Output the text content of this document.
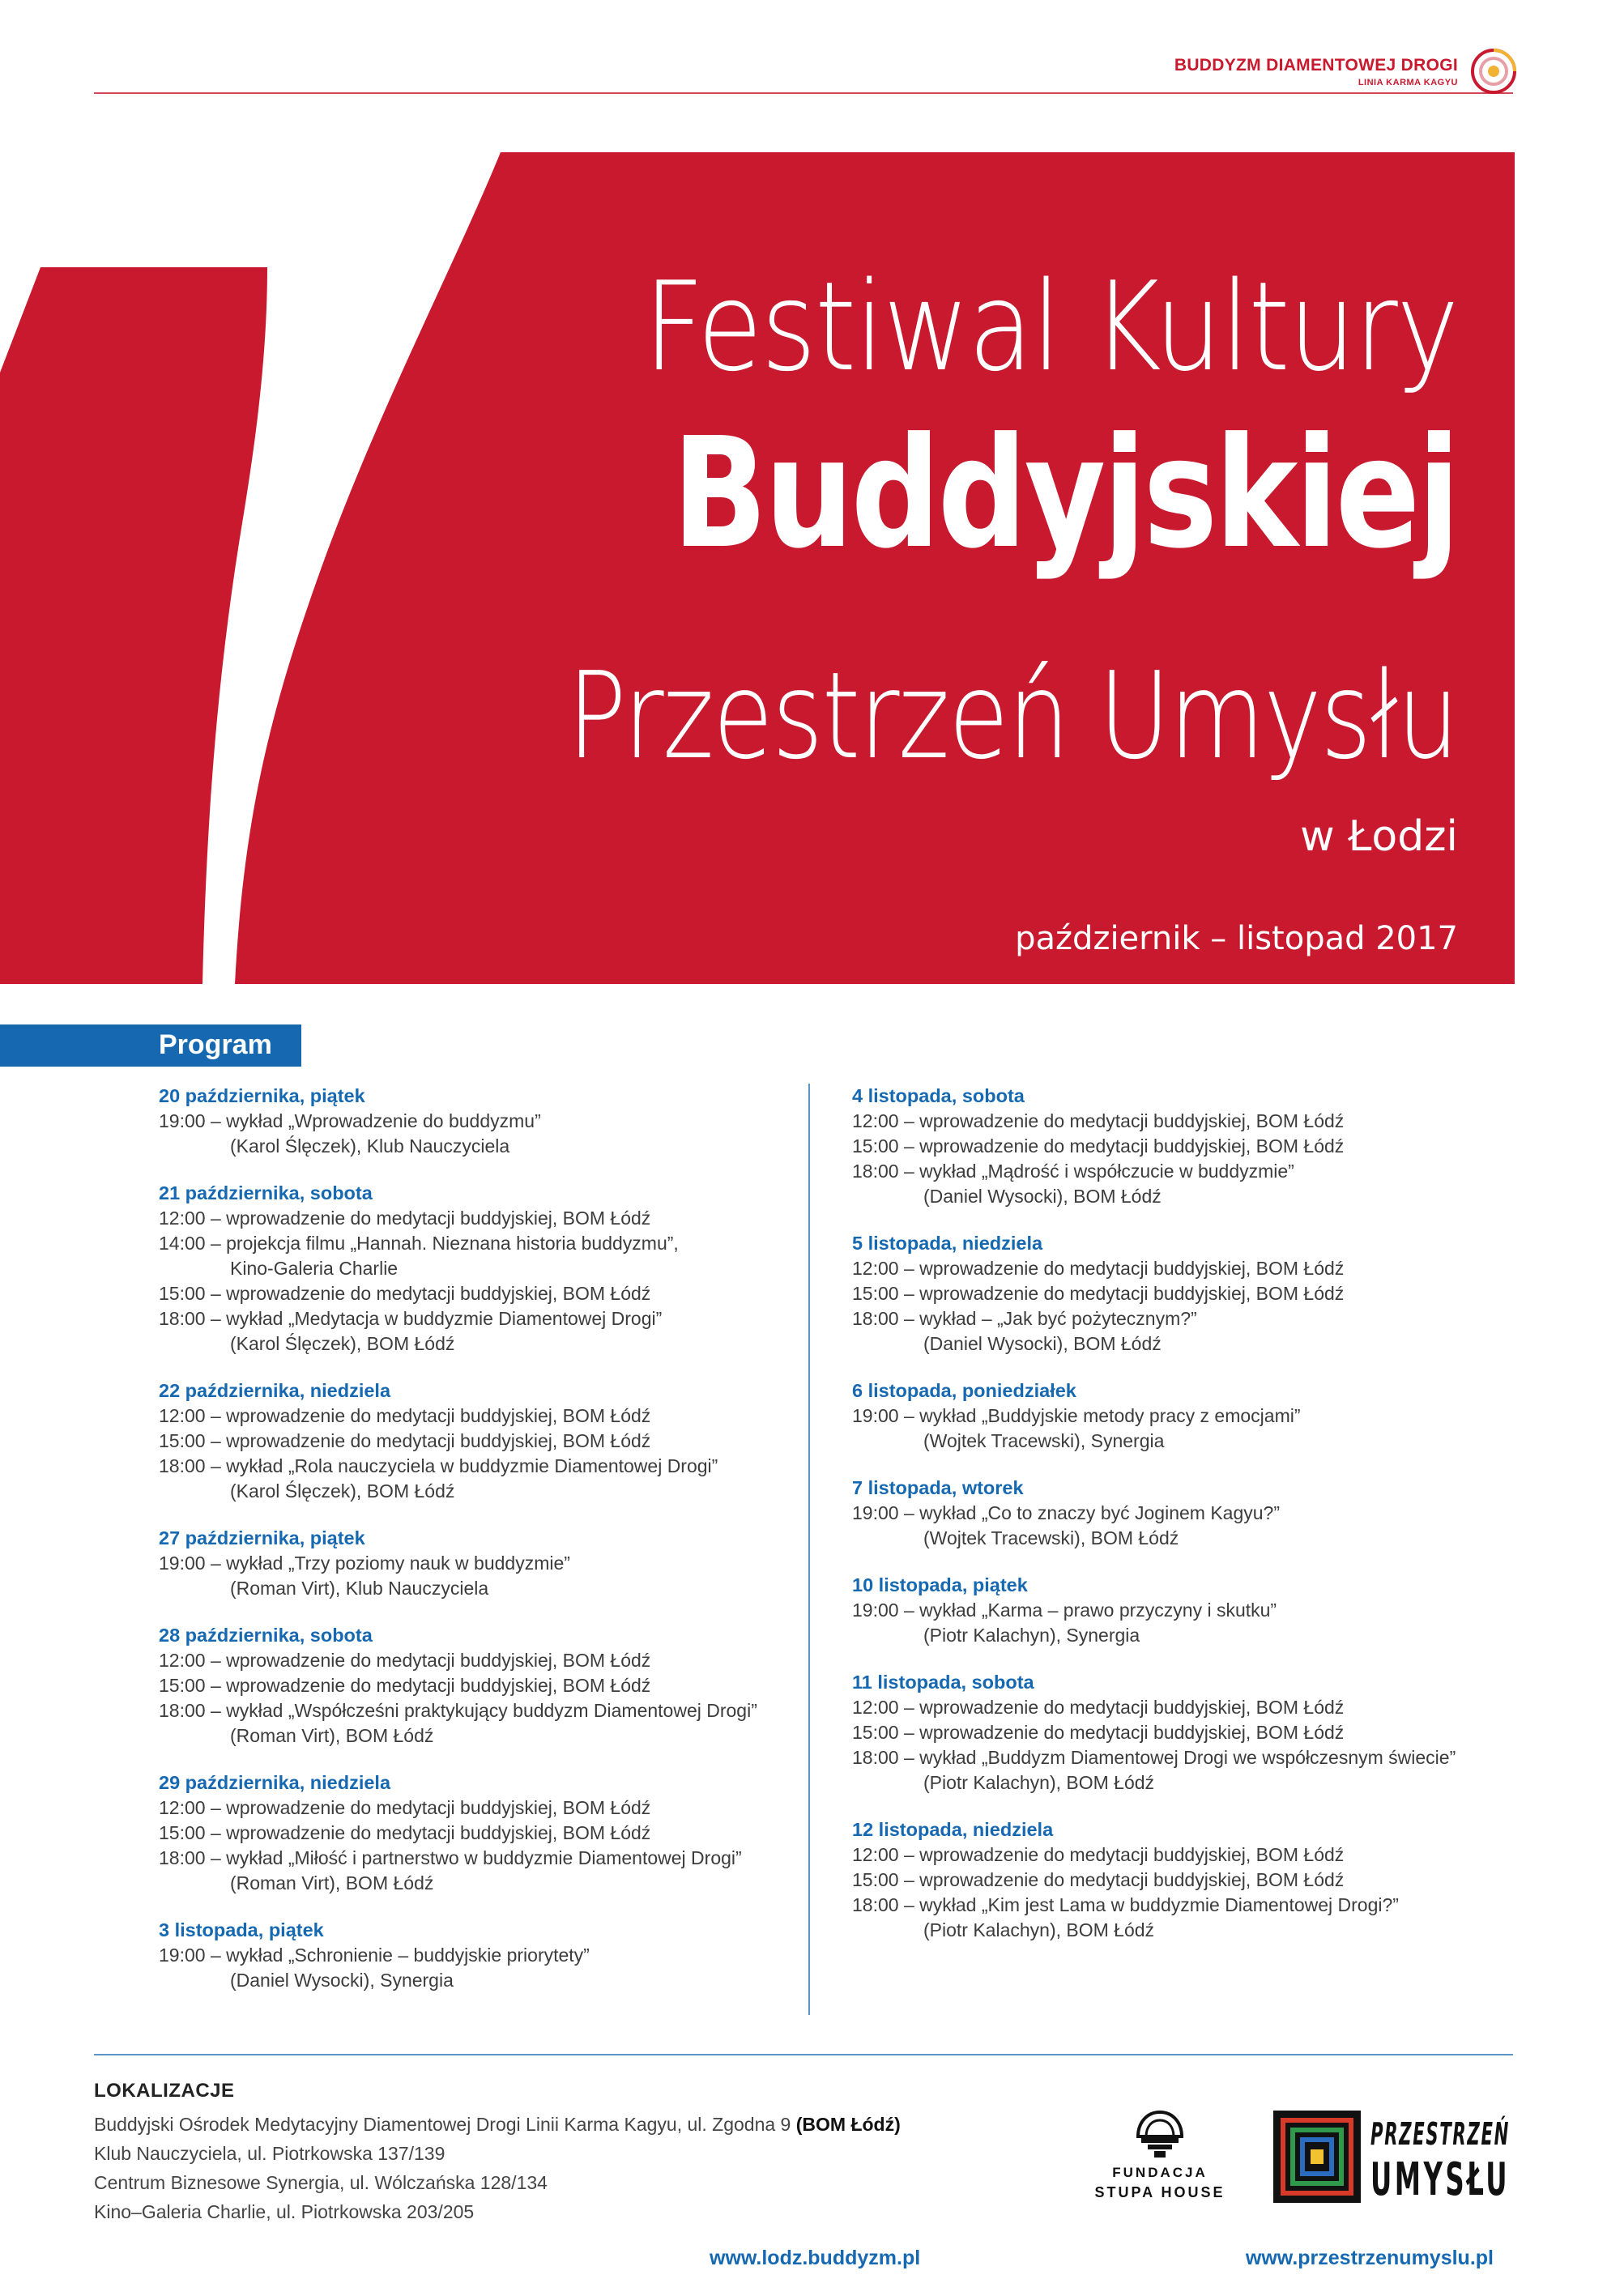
BUDDYZM DIAMENTOWEJ DROGI
LINIA KARMA KAGYU
Festiwal Kultury
Buddyjskiej
Przestrzeń Umysłu
w Łodzi
październik – listopad 2017
Program
20 października, piątek
19:00 – wykład „Wprowadzenie do buddyzmu”
(Karol Ślęczek), Klub Nauczyciela
21 października, sobota
12:00 – wprowadzenie do medytacji buddyjskiej, BOM Łódź
14:00 – projekcja filmu „Hannah. Nieznana historia buddyzmu”,
Kino-Galeria Charlie
15:00 – wprowadzenie do medytacji buddyjskiej, BOM Łódź
18:00 – wykład „Medytacja w buddyzmie Diamentowej Drogi”
(Karol Ślęczek), BOM Łódź
22 października, niedziela
12:00 – wprowadzenie do medytacji buddyjskiej, BOM Łódź
15:00 – wprowadzenie do medytacji buddyjskiej, BOM Łódź
18:00 – wykład „Rola nauczyciela w buddyzmie Diamentowej Drogi”
(Karol Ślęczek), BOM Łódź
27 października, piątek
19:00 – wykład „Trzy poziomy nauk w buddyzmie”
(Roman Virt), Klub Nauczyciela
28 października, sobota
12:00 – wprowadzenie do medytacji buddyjskiej, BOM Łódź
15:00 – wprowadzenie do medytacji buddyjskiej, BOM Łódź
18:00 – wykład „Współcześni praktykujący buddyzm Diamentowej Drogi”
(Roman Virt), BOM Łódź
29 października, niedziela
12:00 – wprowadzenie do medytacji buddyjskiej, BOM Łódź
15:00 – wprowadzenie do medytacji buddyjskiej, BOM Łódź
18:00 – wykład „Miłość i partnerstwo w buddyzmie Diamentowej Drogi”
(Roman Virt), BOM Łódź
3 listopada, piątek
19:00 – wykład „Schronienie – buddyjskie priorytety”
(Daniel Wysocki), Synergia
4 listopada, sobota
12:00 – wprowadzenie do medytacji buddyjskiej, BOM Łódź
15:00 – wprowadzenie do medytacji buddyjskiej, BOM Łódź
18:00 – wykład „Mądrość i współczucie w buddyzmie”
(Daniel Wysocki), BOM Łódź
5 listopada, niedziela
12:00 – wprowadzenie do medytacji buddyjskiej, BOM Łódź
15:00 – wprowadzenie do medytacji buddyjskiej, BOM Łódź
18:00 – wykład – „Jak być pożytecznym?”
(Daniel Wysocki), BOM Łódź
6 listopada, poniedziałek
19:00 – wykład „Buddyjskie metody pracy z emocjami”
(Wojtek Tracewski), Synergia
7 listopada, wtorek
19:00 – wykład „Co to znaczy być Joginem Kagyu?”
(Wojtek Tracewski), BOM Łódź
10 listopada, piątek
19:00 – wykład „Karma – prawo przyczyny i skutku”
(Piotr Kalachyn), Synergia
11 listopada, sobota
12:00 – wprowadzenie do medytacji buddyjskiej, BOM Łódź
15:00 – wprowadzenie do medytacji buddyjskiej, BOM Łódź
18:00 – wykład „Buddyzm Diamentowej Drogi we współczesnym świecie”
(Piotr Kalachyn), BOM Łódź
12 listopada, niedziela
12:00 – wprowadzenie do medytacji buddyjskiej, BOM Łódź
15:00 – wprowadzenie do medytacji buddyjskiej, BOM Łódź
18:00 – wykład „Kim jest Lama w buddyzmie Diamentowej Drogi?”
(Piotr Kalachyn), BOM Łódź
LOKALIZACJE
Buddyjski Ośrodek Medytacyjny Diamentowej Drogi Linii Karma Kagyu, ul. Zgodna 9 (BOM Łódź)
Klub Nauczyciela, ul. Piotrkowska 137/139
Centrum Biznesowe Synergia, ul. Wólczańska 128/134
Kino–Galeria Charlie, ul. Piotrkowska 203/205
FUNDACJA
STUPA HOUSE
PRZESTRZEŃ
UMYSŁU
www.lodz.buddyzm.pl	www.przestrzenumyslu.pl
